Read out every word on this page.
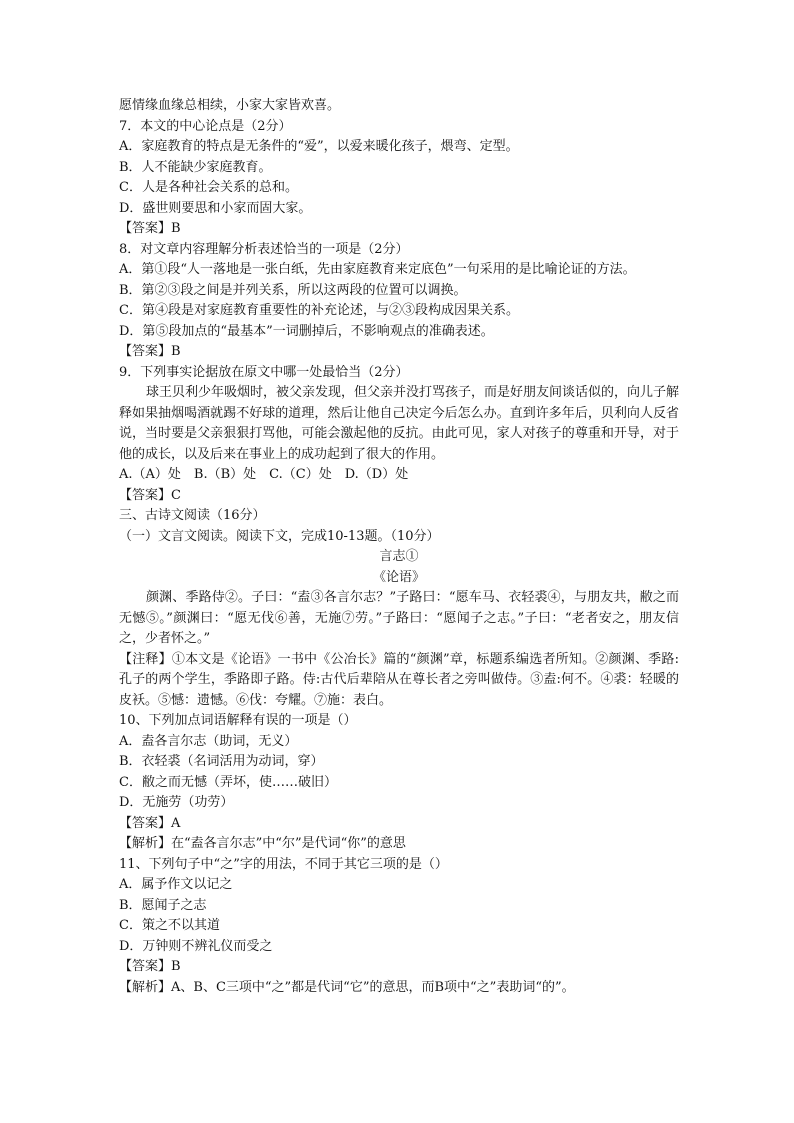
愿情缘血缘总相续，小家大家皆欢喜。
7．本文的中心论点是（2分）
A．家庭教育的特点是无条件的“爱”，以爱来暖化孩子，煨弯、定型。
B．人不能缺少家庭教育。
C．人是各种社会关系的总和。
D．盛世则要思和小家而固大家。
【答案】B
8．对文章内容理解分析表述恰当的一项是（2分）
A．第①段“人一落地是一张白纸，先由家庭教育来定底色”一句采用的是比喻论证的方法。
B．第②③段之间是并列关系，所以这两段的位置可以调换。
C．第④段是对家庭教育重要性的补充论述，与②③段构成因果关系。
D．第⑤段加点的“最基本”一词删掉后，不影响观点的准确表述。
【答案】B
9．下列事实论据放在原文中哪一处最恰当（2分）
球王贝利少年吸烟时，被父亲发现，但父亲并没打骂孩子，而是好朋友间谈话似的，向儿子解释如果抽烟喝酒就踢不好球的道理，然后让他自己决定今后怎么办。直到许多年后，贝利向人反省说，当时要是父亲狠狠打骂他，可能会激起他的反抗。由此可见，家人对孩子的尊重和开导，对于他的成长，以及后来在事业上的成功起到了很大的作用。
A.（A）处　B.（B）处　C.（C）处　D.（D）处
【答案】C
三、古诗文阅读（16分）
（一）文言文阅读。阅读下文，完成10-13题。（10分）
言志①
《论语》
颜渊、季路侍②。子曰：“盍③各言尔志？”子路曰：“愿车马、衣轻裘④，与朋友共，敝之而无憾⑤。”颜渊曰：“愿无伐⑥善，无施⑦劳。”子路曰：“愿闻子之志。”子曰：“老者安之，朋友信之，少者怀之。”
【注释】①本文是《论语》一书中《公冶长》篇的“颜渊”章，标题系编选者所知。②颜渊、季路:孔子的两个学生，季路即子路。侍:古代后辈陪从在尊长者之旁叫做侍。③盍:何不。④裘：轻暖的皮袄。⑤憾：遗憾。⑥伐：夸耀。⑦施：表白。
10、下列加点词语解释有误的一项是（）
A．盍各言尔志（助词，无义）
B．衣轻裘（名词活用为动词，穿）
C．敝之而无憾（弄坏，使……破旧）
D．无施劳（功劳）
【答案】A
【解析】在“盍各言尔志”中“尔”是代词“你”的意思
11、下列句子中“之”字的用法，不同于其它三项的是（）
A．属予作文以记之
B．愿闻子之志
C．策之不以其道
D．万钟则不辨礼仪而受之
【答案】B
【解析】A、B、C三项中“之”都是代词“它”的意思，而B项中“之”表助词“的”。
